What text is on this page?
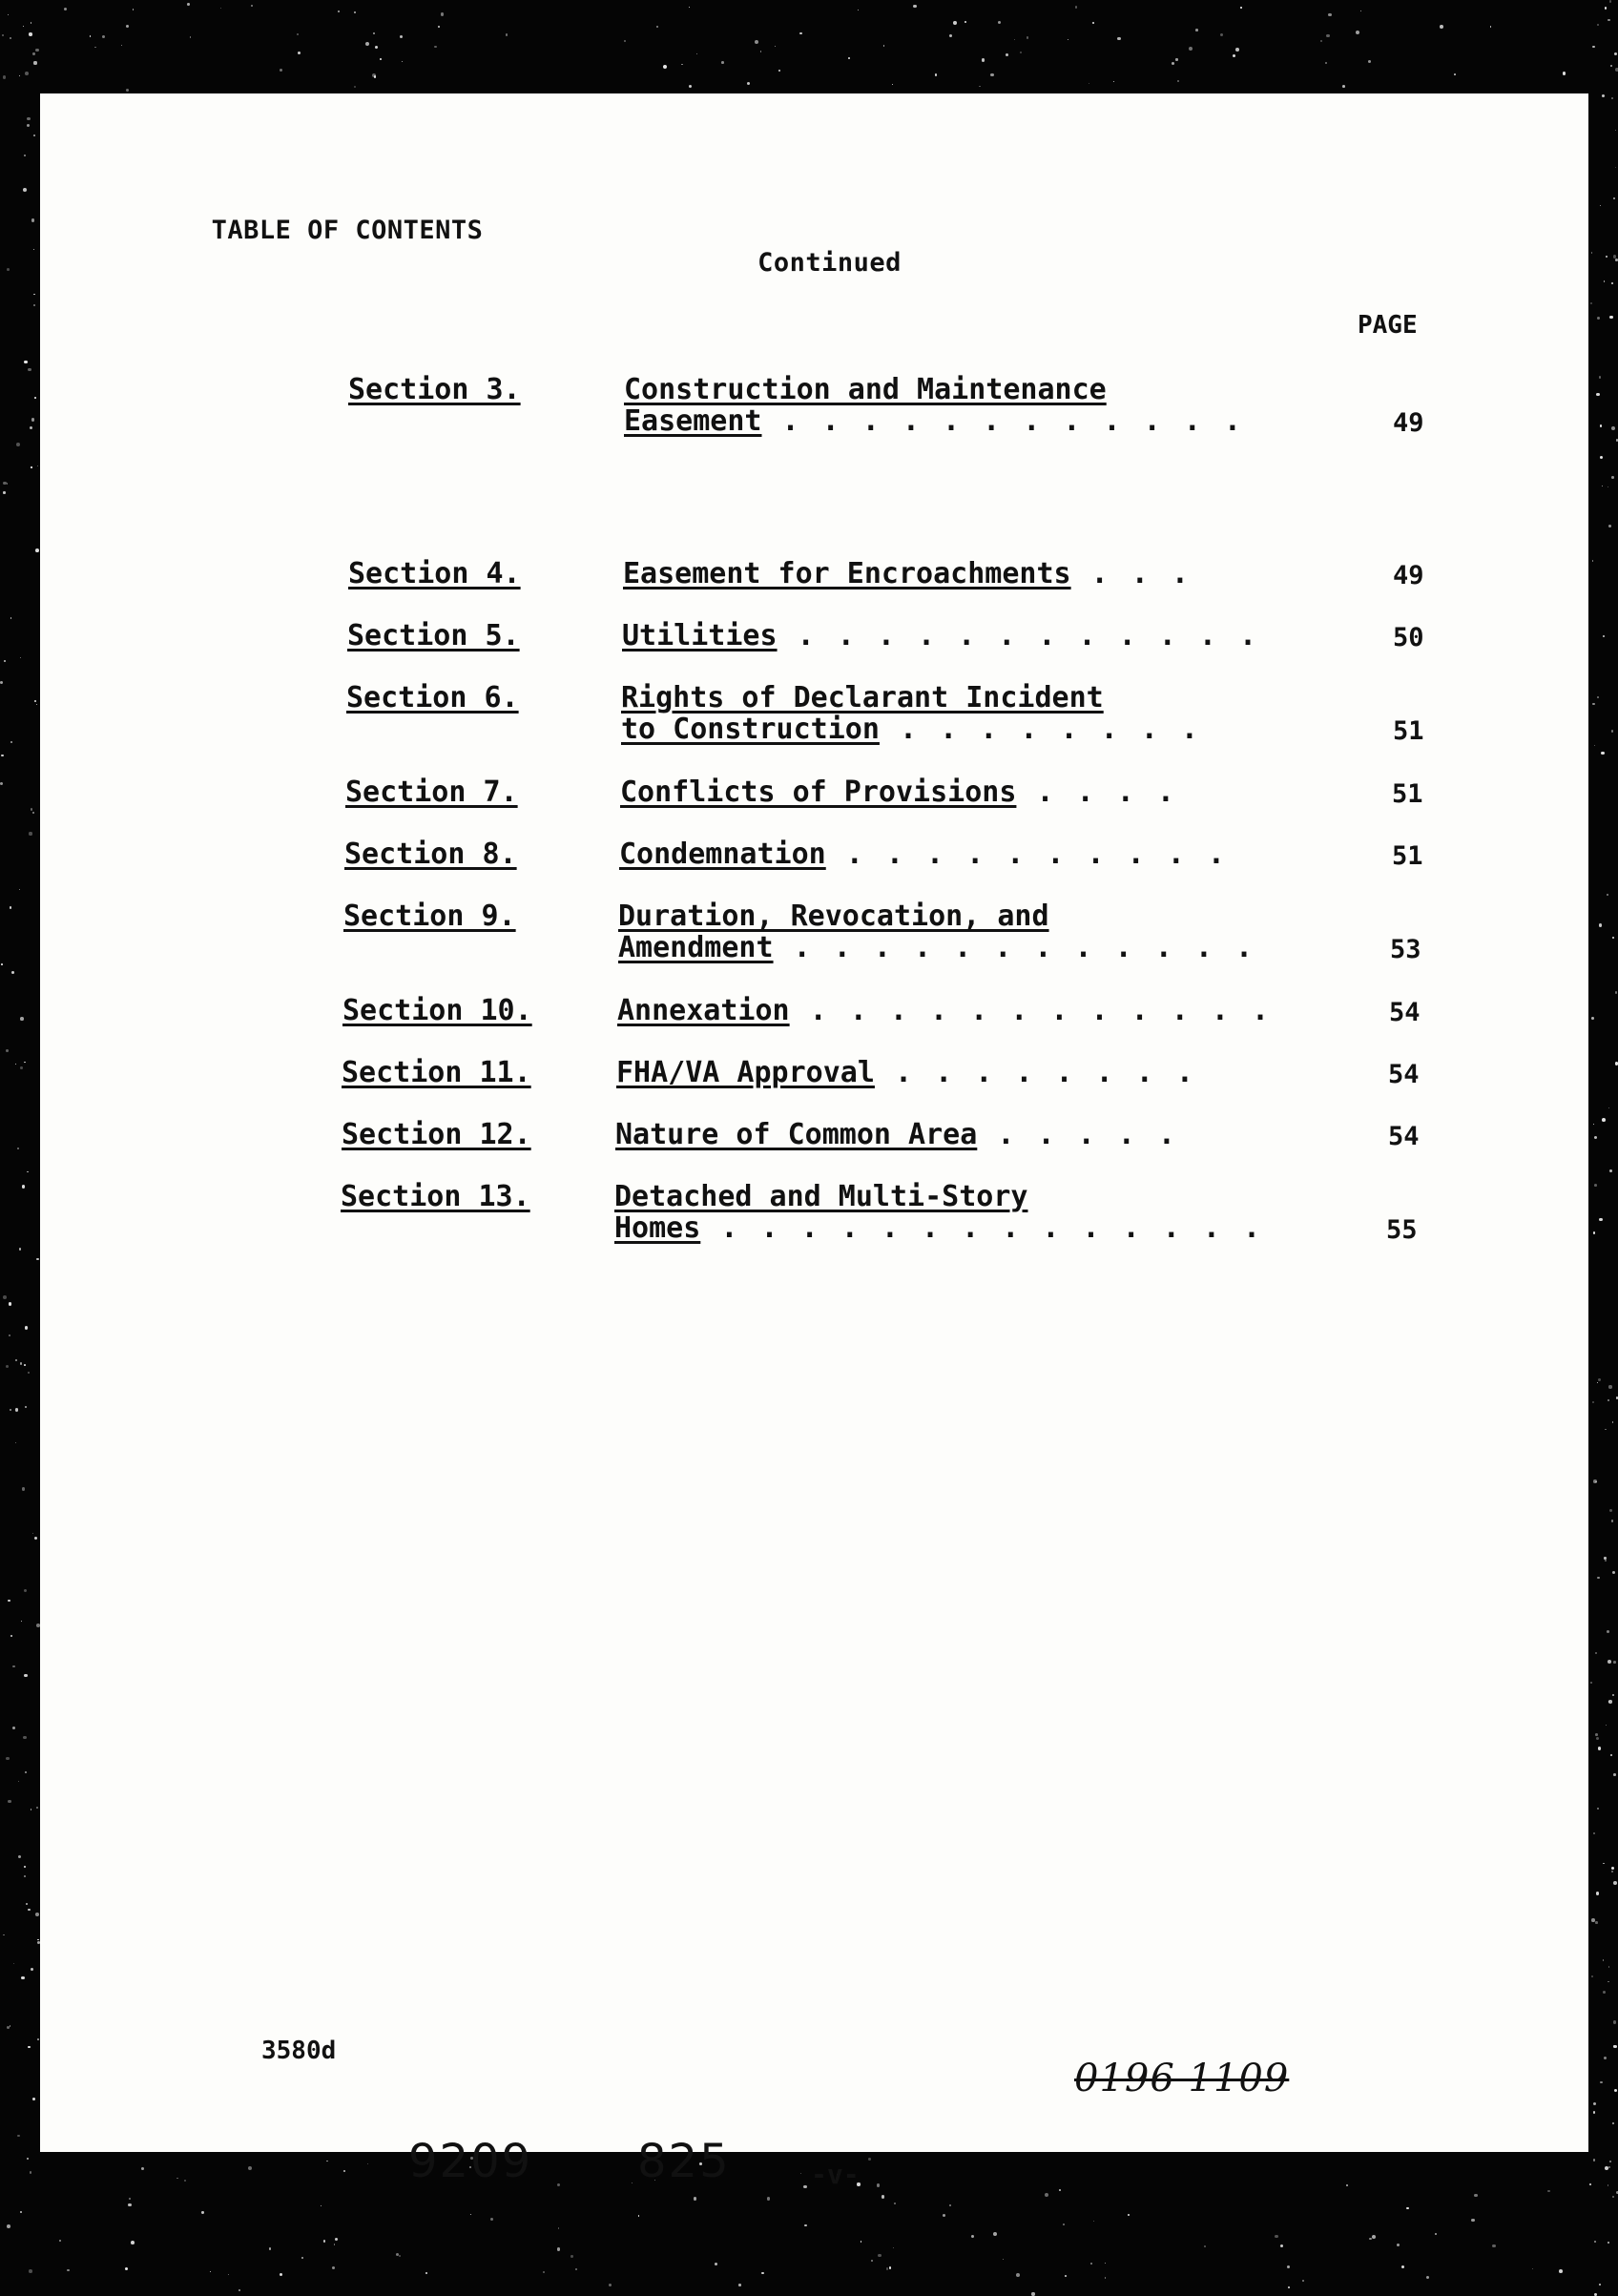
TABLE OF CONTENTS
Continued
PAGE
Section 3.	Construction and Maintenance
Easement . . . . . . . . . . . .	49
Section 4.	Easement for Encroachments . . .	49
Section 5.	Utilities . . . . . . . . . . . .	50
Section 6.	Rights of Declarant Incident
to Construction . . . . . . . .	51
Section 7.	Conflicts of Provisions . . . .	51
Section 8.	Condemnation . . . . . . . . . .	51
Section 9.	Duration, Revocation, and
Amendment . . . . . . . . . . . .	53
Section 10.	Annexation . . . . . . . . . . . .	54
Section 11.	FHA/VA Approval . . . . . . . .	54
Section 12.	Nature of Common Area . . . . .	54
Section 13.	Detached and Multi-Story
Homes . . . . . . . . . . . . . .	55
3580d
0196 1109
9209 825	-v-
